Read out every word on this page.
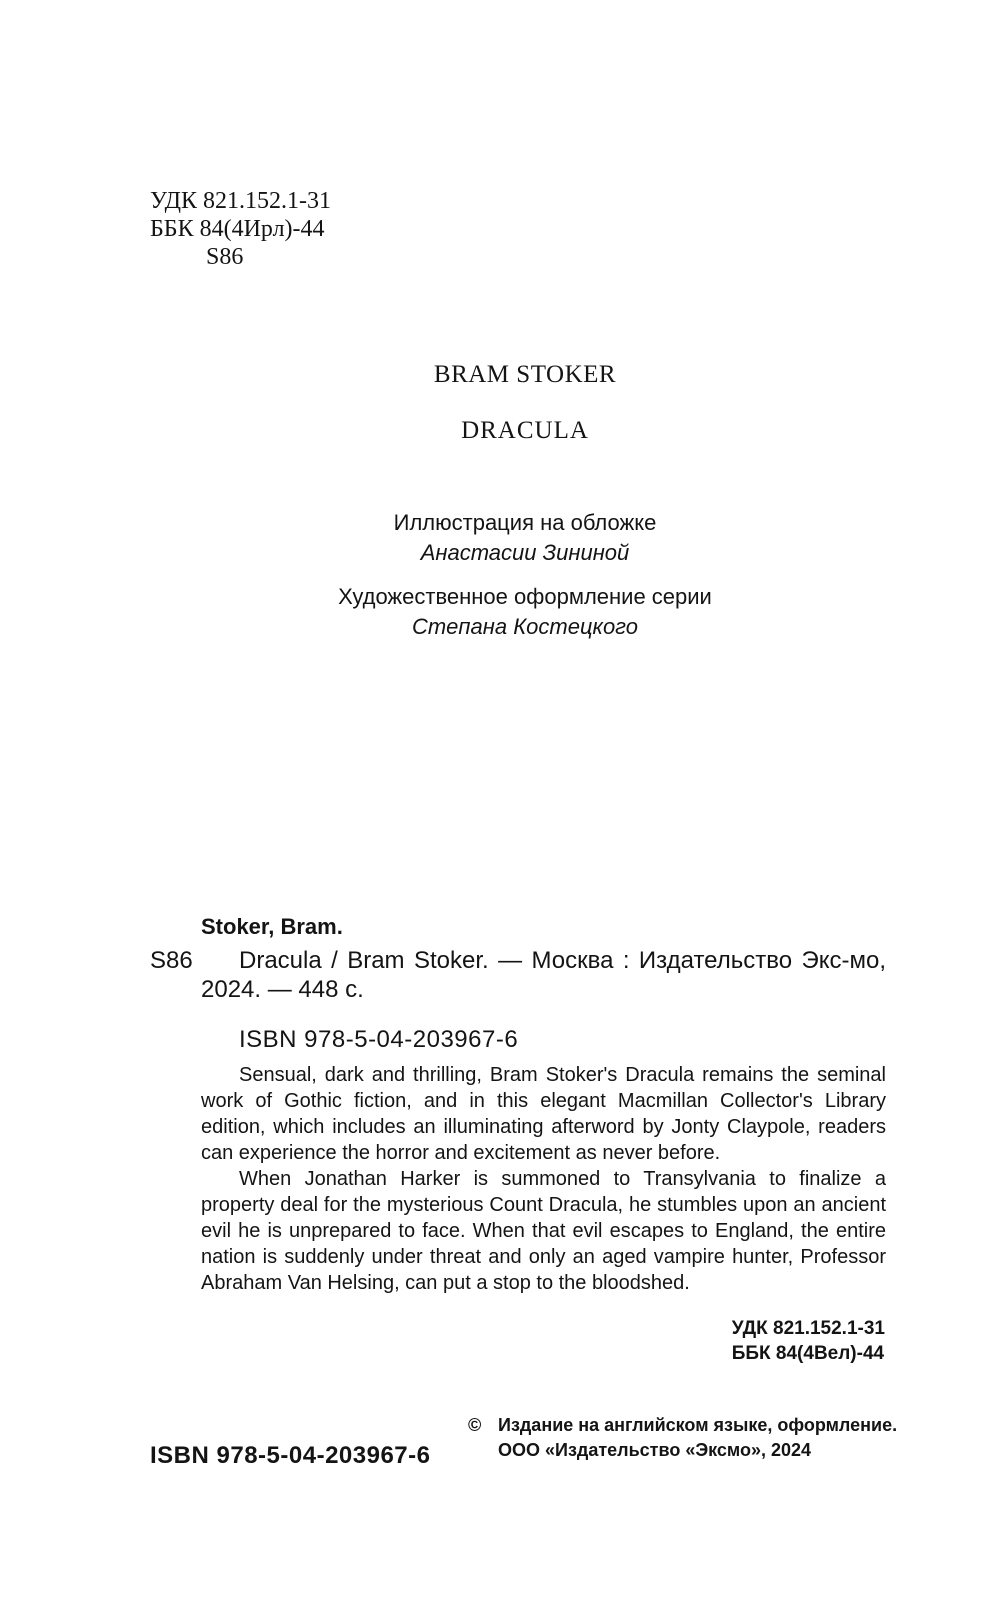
УДК 821.152.1-31
ББК 84(4Ирл)-44
S86
BRAM STOKER
DRACULA
Иллюстрация на обложке
Анастасии Зининой
Художественное оформление серии
Степана Костецкого
Stoker, Bram.
S86	Dracula / Bram Stoker. — Москва : Издательство Экс-мо, 2024. — 448 с.
ISBN 978-5-04-203967-6
Sensual, dark and thrilling, Bram Stoker's Dracula remains the seminal work of Gothic fiction, and in this elegant Macmillan Collector's Library edition, which includes an illuminating afterword by Jonty Claypole, readers can experience the horror and excitement as never before.
When Jonathan Harker is summoned to Transylvania to finalize a property deal for the mysterious Count Dracula, he stumbles upon an ancient evil he is unprepared to face. When that evil escapes to England, the entire nation is suddenly under threat and only an aged vampire hunter, Professor Abraham Van Helsing, can put a stop to the bloodshed.
УДК 821.152.1-31
ББК 84(4Вел)-44
ISBN 978-5-04-203967-6
© Издание на английском языке, оформление.
ООО «Издательство «Эксмо», 2024
